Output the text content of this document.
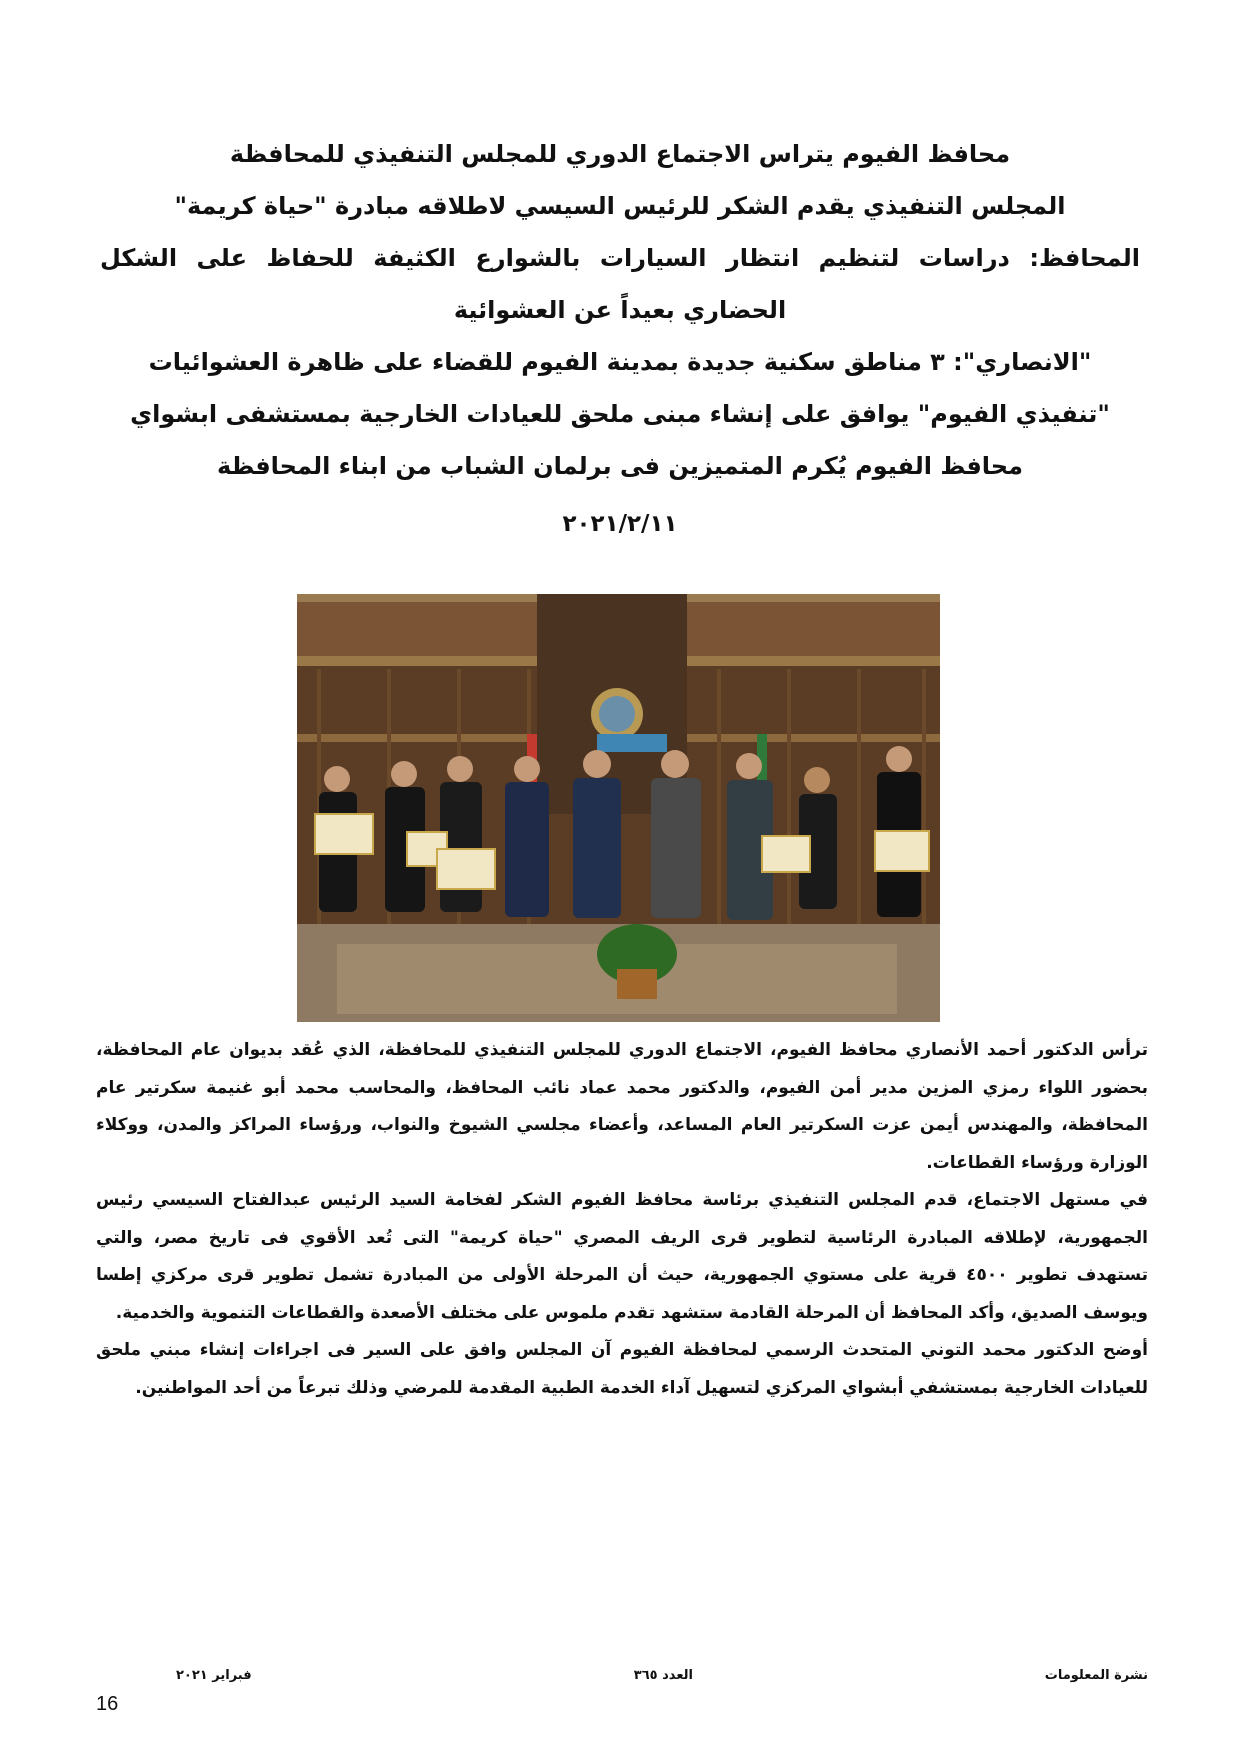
محافظ الفيوم يتراس الاجتماع الدوري للمجلس التنفيذي للمحافظة

المجلس التنفيذي يقدم الشكر للرئيس السيسي لاطلاقه مبادرة "حياة كريمة"

المحافظ: دراسات لتنظيم انتظار السيارات بالشوارع الكثيفة للحفاظ على الشكل الحضاري بعيداً عن العشوائية

"الانصاري": ٣ مناطق سكنية جديدة بمدينة الفيوم للقضاء على ظاهرة العشوائيات

"تنفيذي الفيوم" يوافق على إنشاء مبنى ملحق للعيادات الخارجية بمستشفى ابشواي

محافظ الفيوم يُكرم المتميزين فى برلمان الشباب من ابناء المحافظة

٢٠٢١/٢/١١

ترأس الدكتور أحمد الأنصاري محافظ الفيوم، الاجتماع الدوري للمجلس التنفيذي للمحافظة، الذي عُقد بديوان عام المحافظة، بحضور اللواء رمزي المزين مدير أمن الفيوم، والدكتور محمد عماد نائب المحافظ، والمحاسب محمد أبو غنيمة سكرتير عام المحافظة، والمهندس أيمن عزت السكرتير العام المساعد، وأعضاء مجلسي الشيوخ والنواب، ورؤساء المراكز والمدن، ووكلاء الوزارة ورؤساء القطاعات.

في مستهل الاجتماع، قدم المجلس التنفيذي برئاسة محافظ الفيوم الشكر لفخامة السيد الرئيس عبدالفتاح السيسي رئيس الجمهورية، لإطلاقه المبادرة الرئاسية لتطوير قرى الريف المصري "حياة كريمة" التى تُعد الأقوي فى تاريخ مصر، والتي تستهدف تطوير ٤٥٠٠ قرية على مستوي الجمهورية، حيث أن المرحلة الأولى من المبادرة تشمل تطوير قرى مركزي إطسا ويوسف الصديق، وأكد المحافظ أن المرحلة القادمة ستشهد تقدم ملموس على مختلف الأصعدة والقطاعات التنموية والخدمية.

أوضح الدكتور محمد التوني المتحدث الرسمي لمحافظة الفيوم آن المجلس وافق على السير فى اجراءات إنشاء مبني ملحق للعيادات الخارجية بمستشفي أبشواي المركزي لتسهيل آداء الخدمة الطبية المقدمة للمرضي وذلك تبرعاً من أحد المواطنين.

نشرة المعلومات
العدد ٣٦٥
فبراير ٢٠٢١
16
